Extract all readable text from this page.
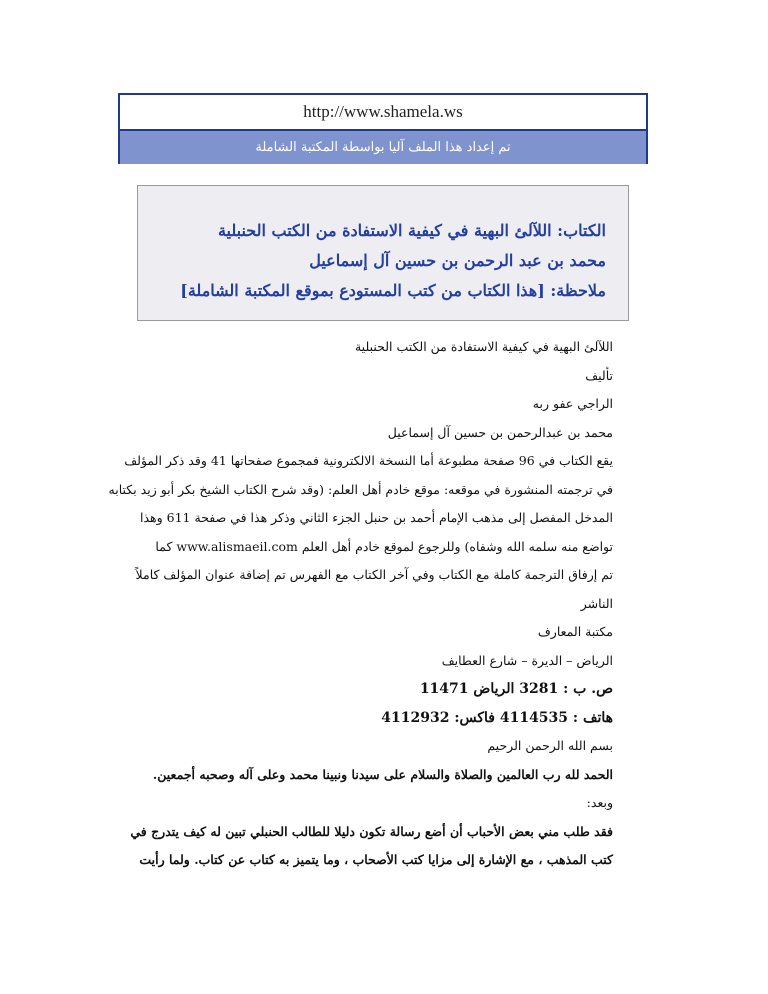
http://www.shamela.ws
تم إعداد هذا الملف آليا بواسطة المكتبة الشاملة
الكتاب: اللآلئ البهية في كيفية الاستفادة من الكتب الحنبلية
محمد بن عبد الرحمن بن حسين آل إسماعيل
ملاحظة: [هذا الكتاب من كتب المستودع بموقع المكتبة الشاملة]

اللآلئ البهية في كيفية الاستفادة من الكتب الحنبلية

تأليف

الراجي عفو ربه

محمد بن عبدالرحمن بن حسين آل إسماعيل

يقع الكتاب في 96 صفحة مطبوعة أما النسخة الالكترونية فمجموع صفحاتها 41 وقد ذكر المؤلف

في ترجمته المنشورة في موقعه: موقع خادم أهل العلم: (وقد شرح الكتاب الشيخ بكر أبو زيد بكتابه

المدخل المفصل إلى مذهب الإمام أحمد بن حنبل الجزء الثاني وذكر هذا في صفحة 611 وهذا

تواضع منه سلمه الله وشفاه) وللرجوع لموقع خادم أهل العلم www.alismaeil.com كما

تم إرفاق الترجمة كاملة مع الكتاب وفي آخر الكتاب مع الفهرس تم إضافة عنوان المؤلف كاملاً

الناشر

مكتبة المعارف

الرياض – الديرة – شارع العطايف

ص. ب : 3281 الرياض 11471

هاتف : 4114535 فاكس: 4112932

بسم الله الرحمن الرحيم

الحمد لله رب العالمين والصلاة والسلام على سيدنا ونبينا محمد وعلى آله وصحبه أجمعين.

وبعد:

فقد طلب مني بعض الأحباب أن أضع رسالة تكون دليلا للطالب الحنبلي تبين له كيف يتدرج في

كتب المذهب ، مع الإشارة إلى مزايا كتب الأصحاب ، وما يتميز به كتاب عن كتاب. ولما رأيت
